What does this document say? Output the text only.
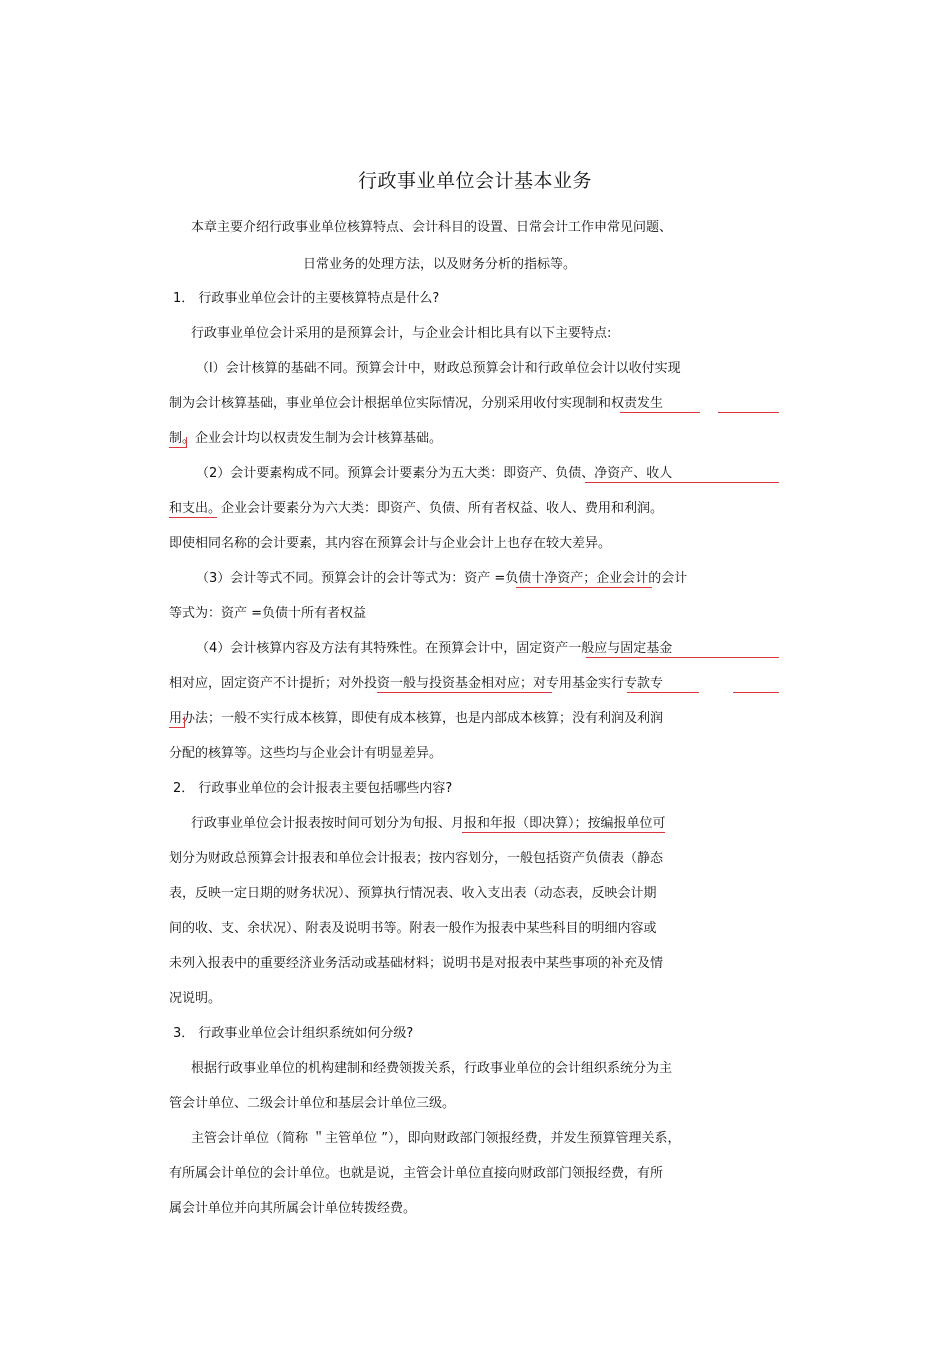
行政事业单位会计基本业务
本章主要介绍行政事业单位核算特点、会计科目的设置、日常会计工作申常见问题、
日常业务的处理方法，以及财务分析的指标等。
1． 行政事业单位会计的主要核算特点是什么?
行政事业单位会计采用的是预算会计，与企业会计相比具有以下主要特点:
（l）会计核算的基础不同。预算会计中，财政总预算会计和行政单位会计以收付实现
制为会计核算基础，事业单位会计根据单位实际情况，分别采用收付实现制和权责发生
制。企业会计均以权责发生制为会计核算基础。
（2）会计要素构成不同。预算会计要素分为五大类：即资产、负债、净资产、收人
和支出。企业会计要素分为六大类：即资产、负债、所有者权益、收人、费用和利润。
即使相同名称的会计要素，其内容在预算会计与企业会计上也存在较大差异。
（3）会计等式不同。预算会计的会计等式为：资产 =负债十净资产；企业会计的会计
等式为：资产 =负债十所有者权益
（4）会计核算内容及方法有其特殊性。在预算会计中，固定资产一般应与固定基金
相对应，固定资产不计提折；对外投资一般与投资基金相对应；对专用基金实行专款专
用办法；一般不实行成本核算，即使有成本核算，也是内部成本核算；没有利润及利润
分配的核算等。这些均与企业会计有明显差异。
2． 行政事业单位的会计报表主要包括哪些内容?
行政事业单位会计报表按时间可划分为旬报、月报和年报（即决算）；按编报单位可
划分为财政总预算会计报表和单位会计报表；按内容划分，一般包括资产负债表（静态
表，反映一定日期的财务状况）、预算执行情况表、收入支出表（动态表，反映会计期
间的收、支、余状况）、附表及说明书等。附表一般作为报表中某些科目的明细内容或
未列入报表中的重要经济业务活动或基础材料；说明书是对报表中某些事项的补充及情
况说明。
3． 行政事业单位会计组织系统如何分级?
根据行政事业单位的机构建制和经费领拨关系，行政事业单位的会计组织系统分为主
管会计单位、二级会计单位和基层会计单位三级。
主管会计单位（简称 ＂主管单位 ”），即向财政部门领报经费，并发生预算管理关系，
有所属会计单位的会计单位。也就是说，主管会计单位直接向财政部门领报经费，有所
属会计单位并向其所属会计单位转拨经费。
